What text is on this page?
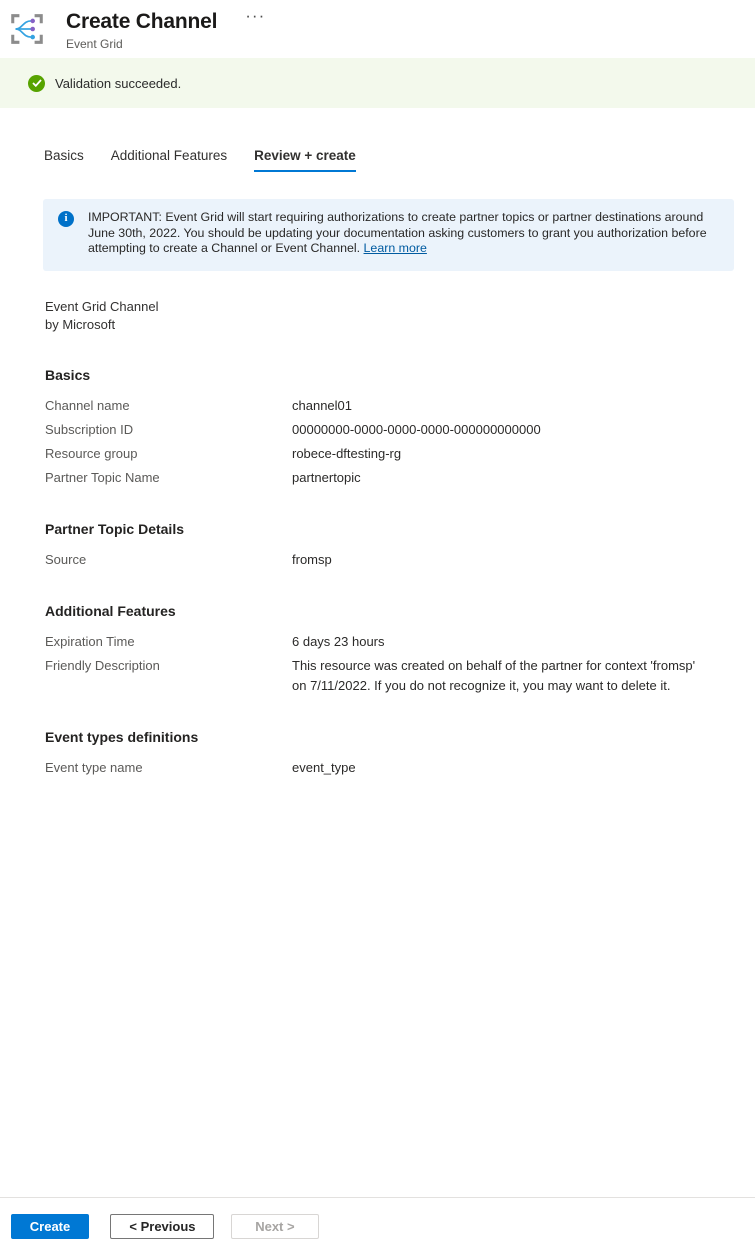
Create Channel ···
Event Grid
Validation succeeded.
Basics Additional Features Review + create
i	IMPORTANT: Event Grid will start requiring authorizations to create partner topics or partner destinations around June 30th, 2022. You should be updating your documentation asking customers to grant you authorization before attempting to create a Channel or Event Channel. Learn more
Event Grid Channel
by Microsoft
Basics
Channel name	channel01
Subscription ID	00000000-0000-0000-0000-000000000000
Resource group	robece-dftesting-rg
Partner Topic Name	partnertopic
Partner Topic Details
Source	fromsp
Additional Features
Expiration Time	6 days 23 hours
Friendly Description	This resource was created on behalf of the partner for context 'fromsp' on 7/11/2022. If you do not recognize it, you may want to delete it.
Event types definitions
Event type name	event_type
Create	< Previous	Next >
